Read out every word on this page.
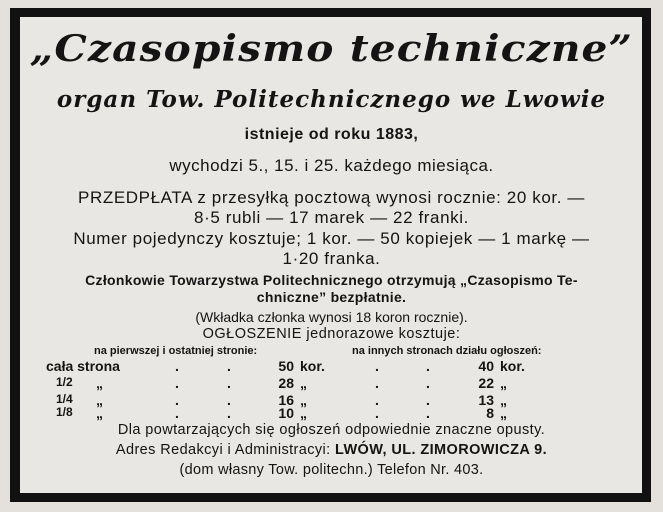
„Czasopismo techniczne”
organ Tow. Politechnicznego we Lwowie
istnieje od roku 1883,
wychodzi 5., 15. i 25. każdego miesiąca.
PRZEDPŁATA z przesyłką pocztową wynosi rocznie: 20 kor. —
8·5 rubli — 17 marek — 22 franki.
Numer pojedynczy kosztuje; 1 kor. — 50 kopiejek — 1 markę —
1·20 franka.
Członkowie Towarzystwa Politechnicznego otrzymują „Czasopismo Te-
chniczne” bezpłatnie.
(Wkładka członka wynosi 18 koron rocznie).
OGŁOSZENIE jednorazowe kosztuje:
na pierwszej i ostatniej stronie:	na innych stronach działu ogłoszeń:
cała strona	.	.	50 kor.	.	.	40 kor.
1/2 „	.	.	28 „	.	.	22 „
1/4 „	.	.	16 „	.	.	13 „
1/8 „	.	.	10 „	.	.	8 „
Dla powtarzających się ogłoszeń odpowiednie znaczne opusty.
Adres Redakcyi i Administracyi: LWÓW, UL. ZIMOROWICZA 9.
(dom własny Tow. politechn.) Telefon Nr. 403.
